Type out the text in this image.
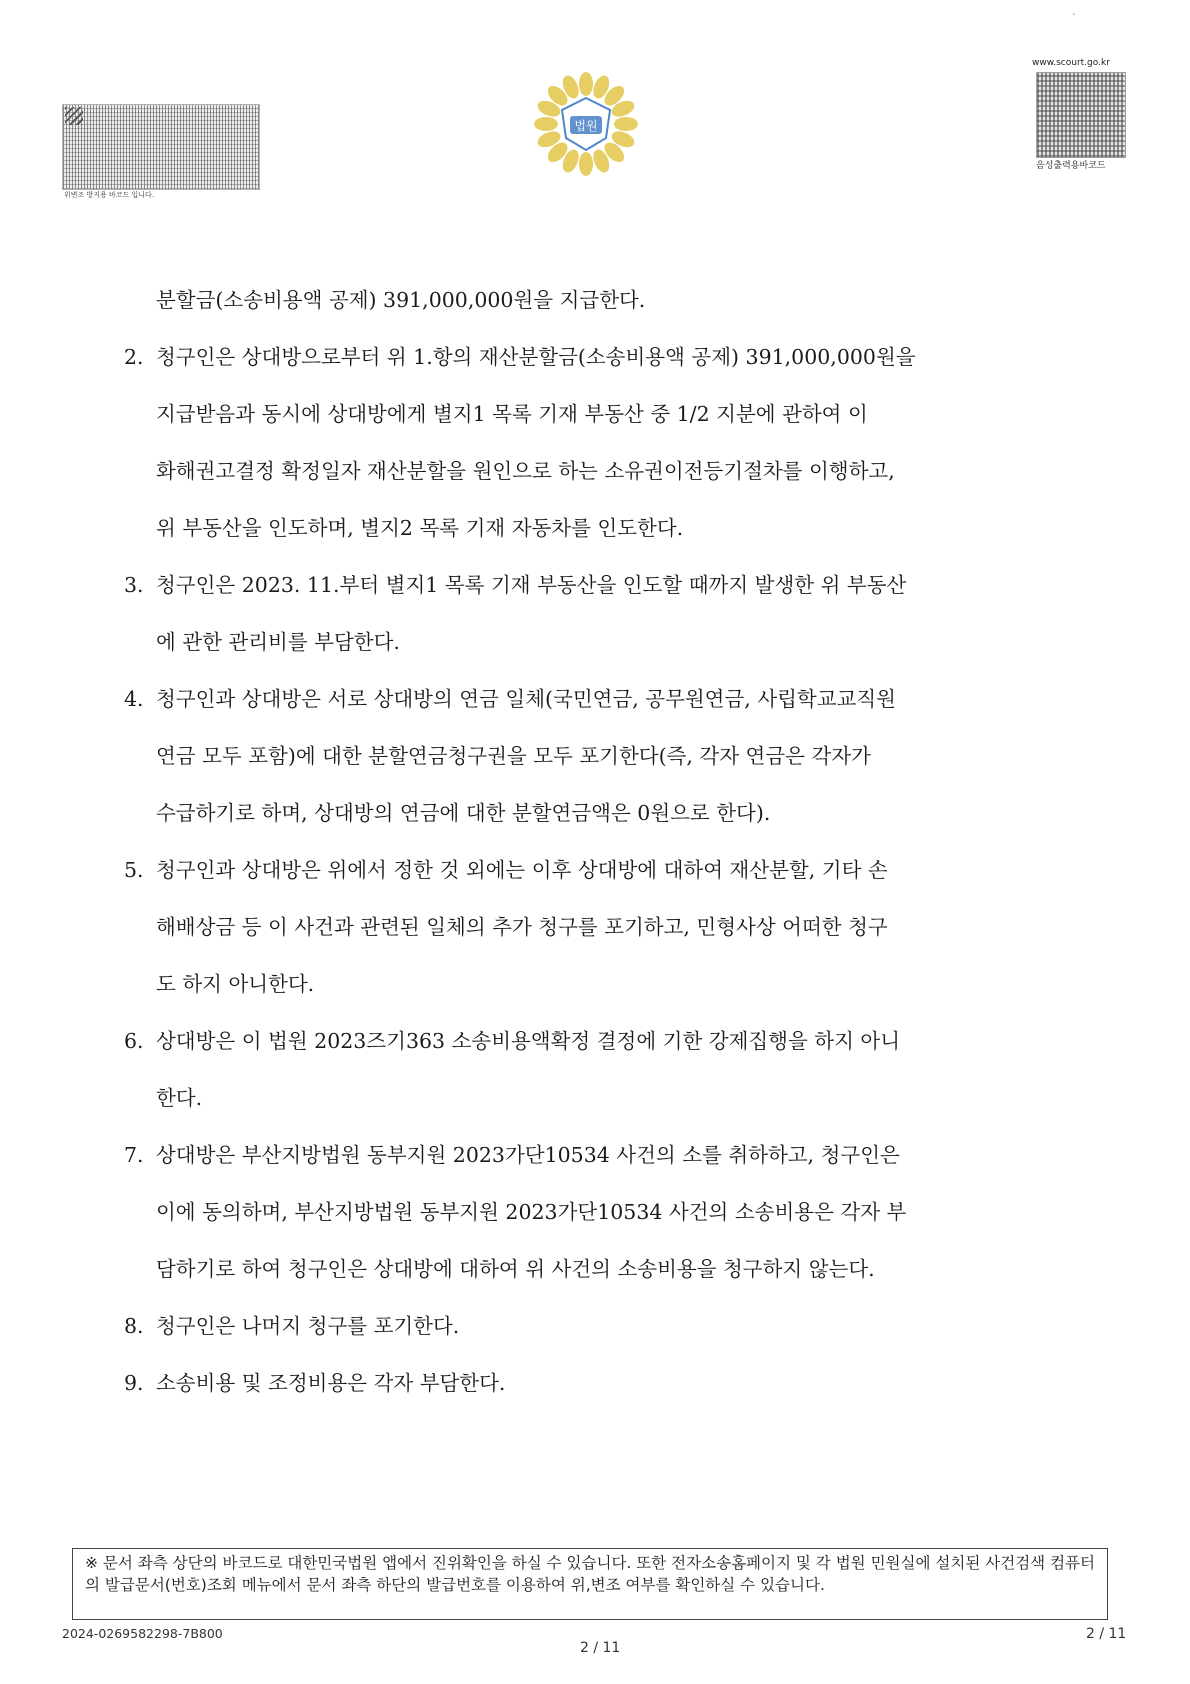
`
위변조 방지용 바코드 입니다.
법원
www.scourt.go.kr
음성출력용바코드
분할금(소송비용액 공제) 391,000,000원을 지급한다.
2. 청구인은 상대방으로부터 위 1.항의 재산분할금(소송비용액 공제) 391,000,000원을
지급받음과 동시에 상대방에게 별지1 목록 기재 부동산 중 1/2 지분에 관하여 이
화해권고결정 확정일자 재산분할을 원인으로 하는 소유권이전등기절차를 이행하고,
위 부동산을 인도하며, 별지2 목록 기재 자동차를 인도한다.
3. 청구인은 2023. 11.부터 별지1 목록 기재 부동산을 인도할 때까지 발생한 위 부동산
에 관한 관리비를 부담한다.
4. 청구인과 상대방은 서로 상대방의 연금 일체(국민연금, 공무원연금, 사립학교교직원
연금 모두 포함)에 대한 분할연금청구권을 모두 포기한다(즉, 각자 연금은 각자가
수급하기로 하며, 상대방의 연금에 대한 분할연금액은 0원으로 한다).
5. 청구인과 상대방은 위에서 정한 것 외에는 이후 상대방에 대하여 재산분할, 기타 손
해배상금 등 이 사건과 관련된 일체의 추가 청구를 포기하고, 민형사상 어떠한 청구
도 하지 아니한다.
6. 상대방은 이 법원 2023즈기363 소송비용액확정 결정에 기한 강제집행을 하지 아니
한다.
7. 상대방은 부산지방법원 동부지원 2023가단10534 사건의 소를 취하하고, 청구인은
이에 동의하며, 부산지방법원 동부지원 2023가단10534 사건의 소송비용은 각자 부
담하기로 하여 청구인은 상대방에 대하여 위 사건의 소송비용을 청구하지 않는다.
8. 청구인은 나머지 청구를 포기한다.
9. 소송비용 및 조정비용은 각자 부담한다.
※ 문서 좌측 상단의 바코드로 대한민국법원 앱에서 진위확인을 하실 수 있습니다. 또한 전자소송홈페이지 및 각 법원 민원실에 설치된 사건검색 컴퓨터의 발급문서(번호)조회 메뉴에서 문서 좌측 하단의 발급번호를 이용하여 위,변조 여부를 확인하실 수 있습니다.
2024-0269582298-7B800
2 / 11
2 / 11
